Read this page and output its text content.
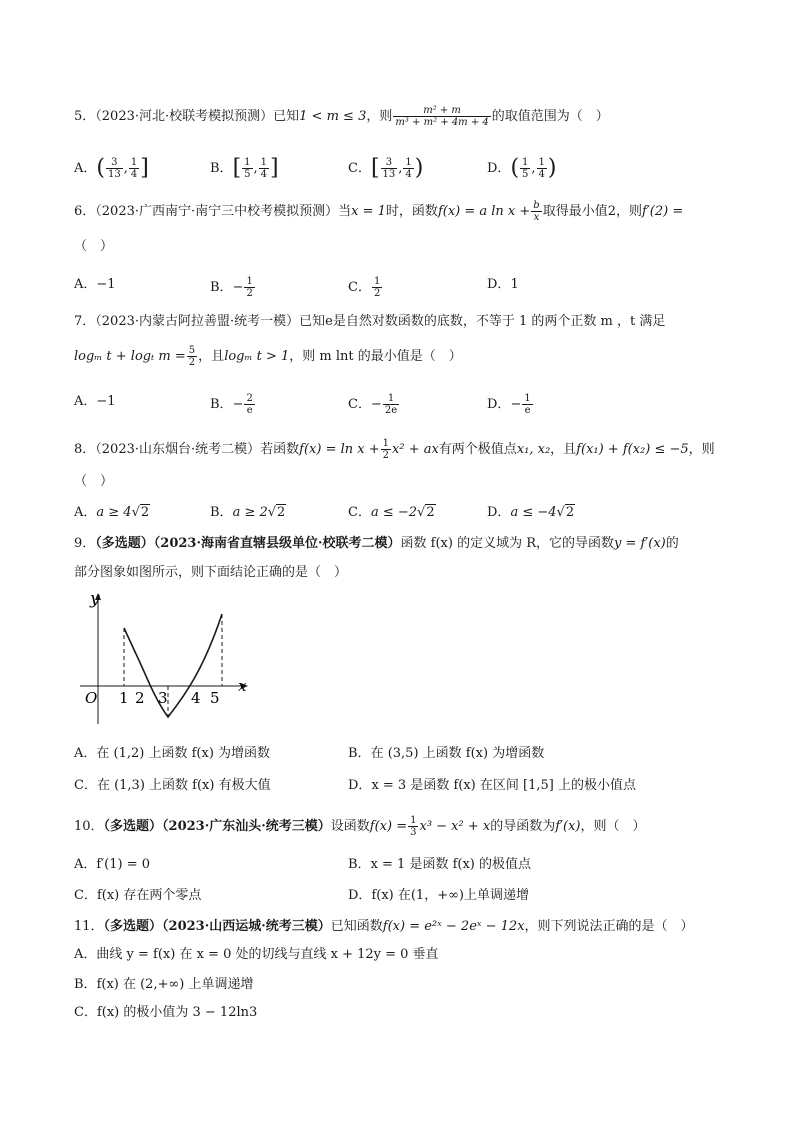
5．（2023·河北·校联考模拟预测）已知1 < m ≤ 3，则 $\frac{\text{m² + m}}{\text{m³ + m² + 4m + 4}}$ 的取值范围为（　）
A．( $\frac{3}{13}$ , $\frac{1}{4}$ ]	B．[ $\frac{1}{5}$ , $\frac{1}{4}$ ]	C．[ $\frac{3}{13}$ , $\frac{1}{4}$ )	D．( $\frac{1}{5}$ , $\frac{1}{4}$ )
6．（2023·广西南宁·南宁三中校考模拟预测）当x = 1时，函数f(x) = a $\ln x + \frac{b}{x}$ 取得最小值2，则f′(2) =
（　）
A．−1	B．− $\frac{1}{2}$	C． $\frac{1}{2}$	D．1
7．（2023·内蒙古阿拉善盟·统考一模）已知e是自然对数函数的底数，不等于 1 的两个正数 m ，t 满足
logₘ t + logₜ $m = \frac{5}{2}$ ，且logₘ t > 1，则 m lnt 的最小值是（　）
A．−1	B．− $\frac{2}{e}$	C．− $\frac{1}{2e}$	D．− $\frac{1}{e}$
8．（2023·山东烟台·统考二模）若函数$f(x) = \ln x + \frac{1}{2} x^2$ + ax有两个极值点x₁, x₂，且f(x₁) + f(x₂) ≤ −5，则
（　）
A．a ≥ 4√2	B．a ≥ 2√2	C．a ≤ −2√2	D．a ≤ −4√2
9．（多选题）（2023·海南省直辖县级单位·校联考二模）函数 f(x) 的定义域为 R，它的导函数y = f′(x)的
部分图象如图所示，则下面结论正确的是（　）
y
x
O 1 2 3 4 5
A．在 (1,2) 上函数 f(x) 为增函数	B．在 (3,5) 上函数 f(x) 为增函数
C．在 (1,3) 上函数 f(x) 有极大值	D．x = 3 是函数 f(x) 在区间 [1,5] 上的极小值点
10．（多选题）（2023·广东汕头·统考三模）设函数$f(x) = \frac{1}{3} x^3 - x^2 + x$的导函数为f′(x)，则（　）
A．f′(1) = 0	B．x = 1 是函数 f(x) 的极值点
C．f(x) 存在两个零点	D．f(x) 在(1，+∞)上单调递增
11．（多选题）（2023·山西运城·统考三模）已知函数f(x) = e²ˣ − 2eˣ − 12x，则下列说法正确的是（　）
A．曲线 y = f(x) 在 x = 0 处的切线与直线 x + 12y = 0 垂直
B．f(x) 在 (2,+∞) 上单调递增
C．f(x) 的极小值为 3 − 12ln3
